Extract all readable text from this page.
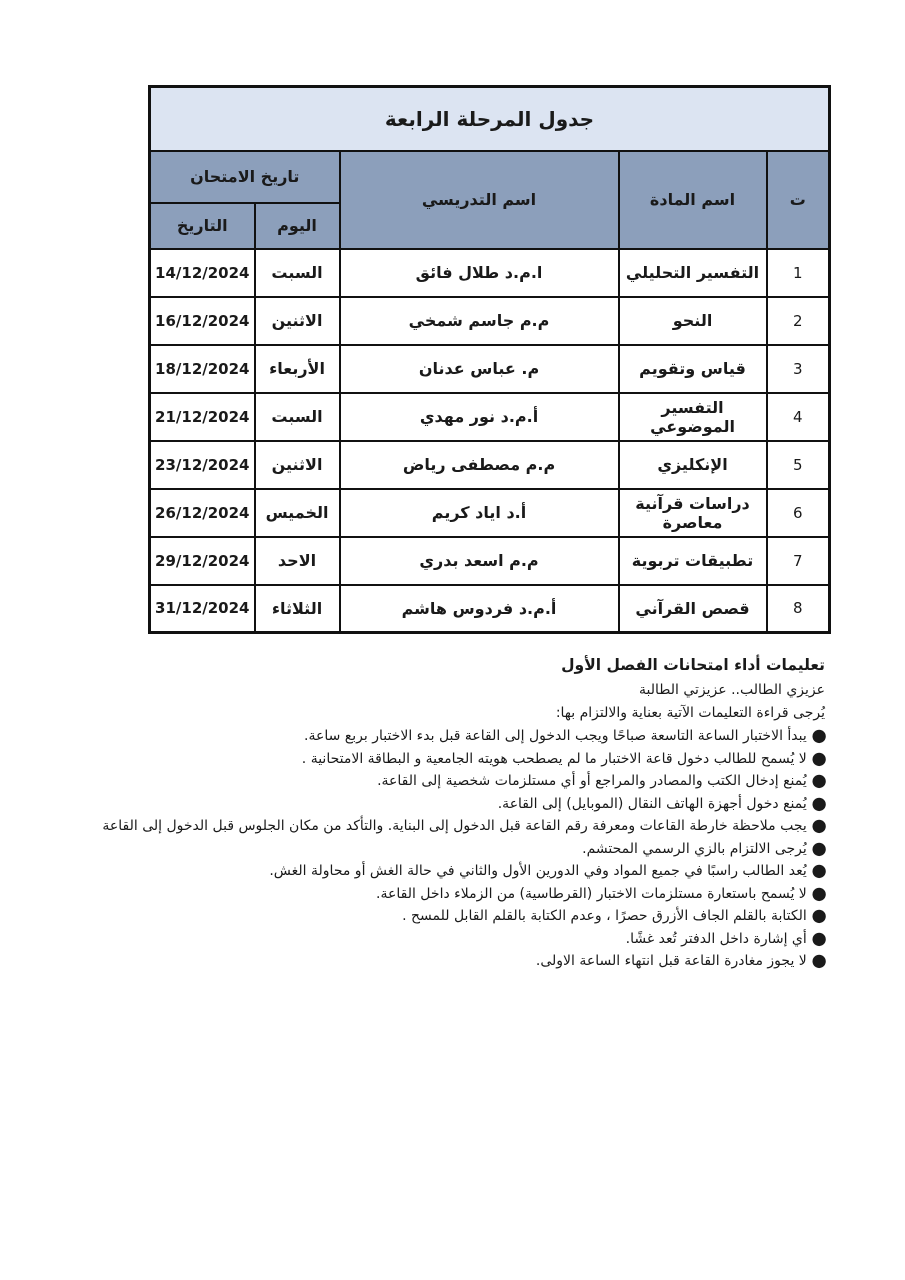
جدول المرحلة الرابعة				
ت	اسم المادة	اسم التدريسي	تاريخ الامتحان	
			اليوم	التاريخ
1	التفسير التحليلي	ا.م.د طلال فائق	السبت	14/12/2024
2	النحو	م.م جاسم شمخي	الاثنين	16/12/2024
3	قياس وتقويم	م. عباس عدنان	الأربعاء	18/12/2024
4	التفسير الموضوعي	أ.م.د نور مهدي	السبت	21/12/2024
5	الإنكليزي	م.م مصطفى رياض	الاثنين	23/12/2024
6	دراسات قرآنية معاصرة	أ.د اياد كريم	الخميس	26/12/2024
7	تطبيقات تربوية	م.م اسعد بدري	الاحد	29/12/2024
8	قصص القرآني	أ.م.د فردوس هاشم	الثلاثاء	31/12/2024
تعليمات أداء امتحانات الفصل الأول
عزيزي الطالب.. عزيزتي الطالبة
يُرجى قراءة التعليمات الآتية بعناية والالتزام بها:
●يبدأ الاختبار الساعة التاسعة صباحًا ويجب الدخول إلى القاعة قبل بدء الاختبار بربع ساعة.
●لا يُسمح للطالب دخول قاعة الاختبار ما لم يصطحب هويته الجامعية و البطاقة الامتحانية .
●يُمنع إدخال الكتب والمصادر والمراجع أو أي مستلزمات شخصية إلى القاعة.
●يُمنع دخول أجهزة الهاتف النقال (الموبايل) إلى القاعة.
●يجب ملاحظة خارطة القاعات ومعرفة رقم القاعة قبل الدخول إلى البناية. والتأكد من مكان الجلوس قبل الدخول إلى القاعة
●يُرجى الالتزام بالزي الرسمي المحتشم.
●يُعد الطالب راسبًا في جميع المواد وفي الدورين الأول والثاني في حالة الغش أو محاولة الغش.
●لا يُسمح باستعارة مستلزمات الاختبار (القرطاسية) من الزملاء داخل القاعة.
●الكتابة بالقلم الجاف الأزرق حصرًا ، وعدم الكتابة بالقلم القابل للمسح .
●أي إشارة داخل الدفتر تُعد غشًا.
●لا يجوز مغادرة القاعة قبل انتهاء الساعة الاولى.
